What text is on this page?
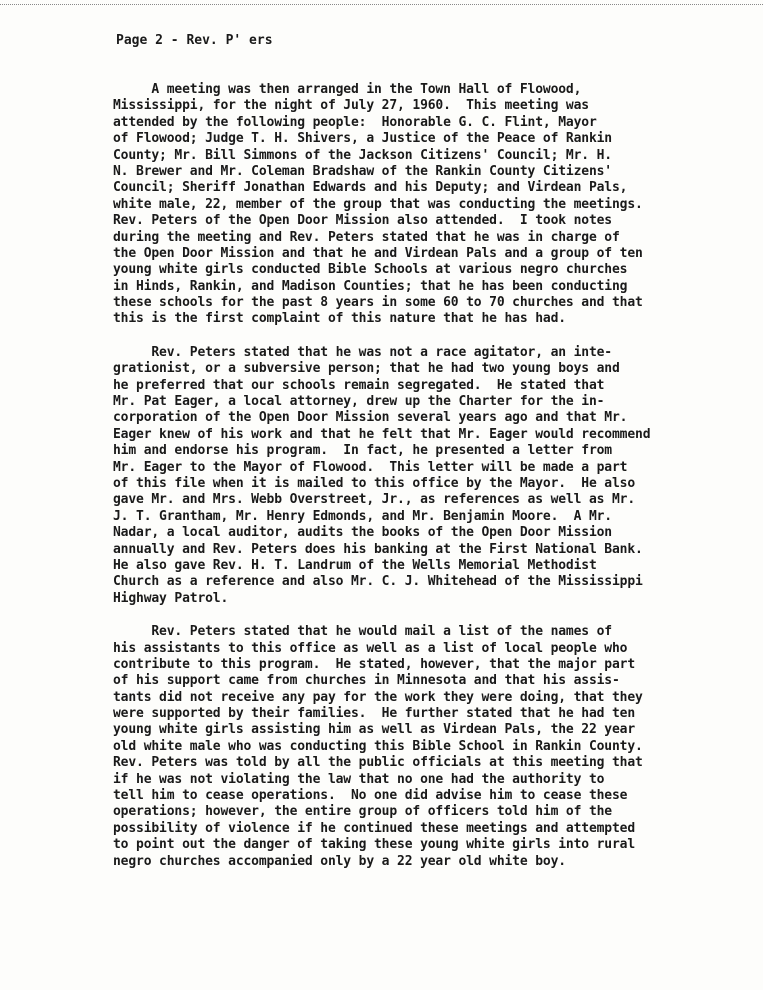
Page 2 - Rev. P' ers
A meeting was then arranged in the Town Hall of Flowood,
Mississippi, for the night of July 27, 1960.  This meeting was
attended by the following people:  Honorable G. C. Flint, Mayor
of Flowood; Judge T. H. Shivers, a Justice of the Peace of Rankin
County; Mr. Bill Simmons of the Jackson Citizens' Council; Mr. H.
N. Brewer and Mr. Coleman Bradshaw of the Rankin County Citizens'
Council; Sheriff Jonathan Edwards and his Deputy; and Virdean Pals,
white male, 22, member of the group that was conducting the meetings.
Rev. Peters of the Open Door Mission also attended.  I took notes
during the meeting and Rev. Peters stated that he was in charge of
the Open Door Mission and that he and Virdean Pals and a group of ten
young white girls conducted Bible Schools at various negro churches
in Hinds, Rankin, and Madison Counties; that he has been conducting
these schools for the past 8 years in some 60 to 70 churches and that
this is the first complaint of this nature that he has had.
Rev. Peters stated that he was not a race agitator, an inte-
grationist, or a subversive person; that he had two young boys and
he preferred that our schools remain segregated.  He stated that
Mr. Pat Eager, a local attorney, drew up the Charter for the in-
corporation of the Open Door Mission several years ago and that Mr.
Eager knew of his work and that he felt that Mr. Eager would recommend
him and endorse his program.  In fact, he presented a letter from
Mr. Eager to the Mayor of Flowood.  This letter will be made a part
of this file when it is mailed to this office by the Mayor.  He also
gave Mr. and Mrs. Webb Overstreet, Jr., as references as well as Mr.
J. T. Grantham, Mr. Henry Edmonds, and Mr. Benjamin Moore.  A Mr.
Nadar, a local auditor, audits the books of the Open Door Mission
annually and Rev. Peters does his banking at the First National Bank.
He also gave Rev. H. T. Landrum of the Wells Memorial Methodist
Church as a reference and also Mr. C. J. Whitehead of the Mississippi
Highway Patrol.
Rev. Peters stated that he would mail a list of the names of
his assistants to this office as well as a list of local people who
contribute to this program.  He stated, however, that the major part
of his support came from churches in Minnesota and that his assis-
tants did not receive any pay for the work they were doing, that they
were supported by their families.  He further stated that he had ten
young white girls assisting him as well as Virdean Pals, the 22 year
old white male who was conducting this Bible School in Rankin County.
Rev. Peters was told by all the public officials at this meeting that
if he was not violating the law that no one had the authority to
tell him to cease operations.  No one did advise him to cease these
operations; however, the entire group of officers told him of the
possibility of violence if he continued these meetings and attempted
to point out the danger of taking these young white girls into rural
negro churches accompanied only by a 22 year old white boy.
